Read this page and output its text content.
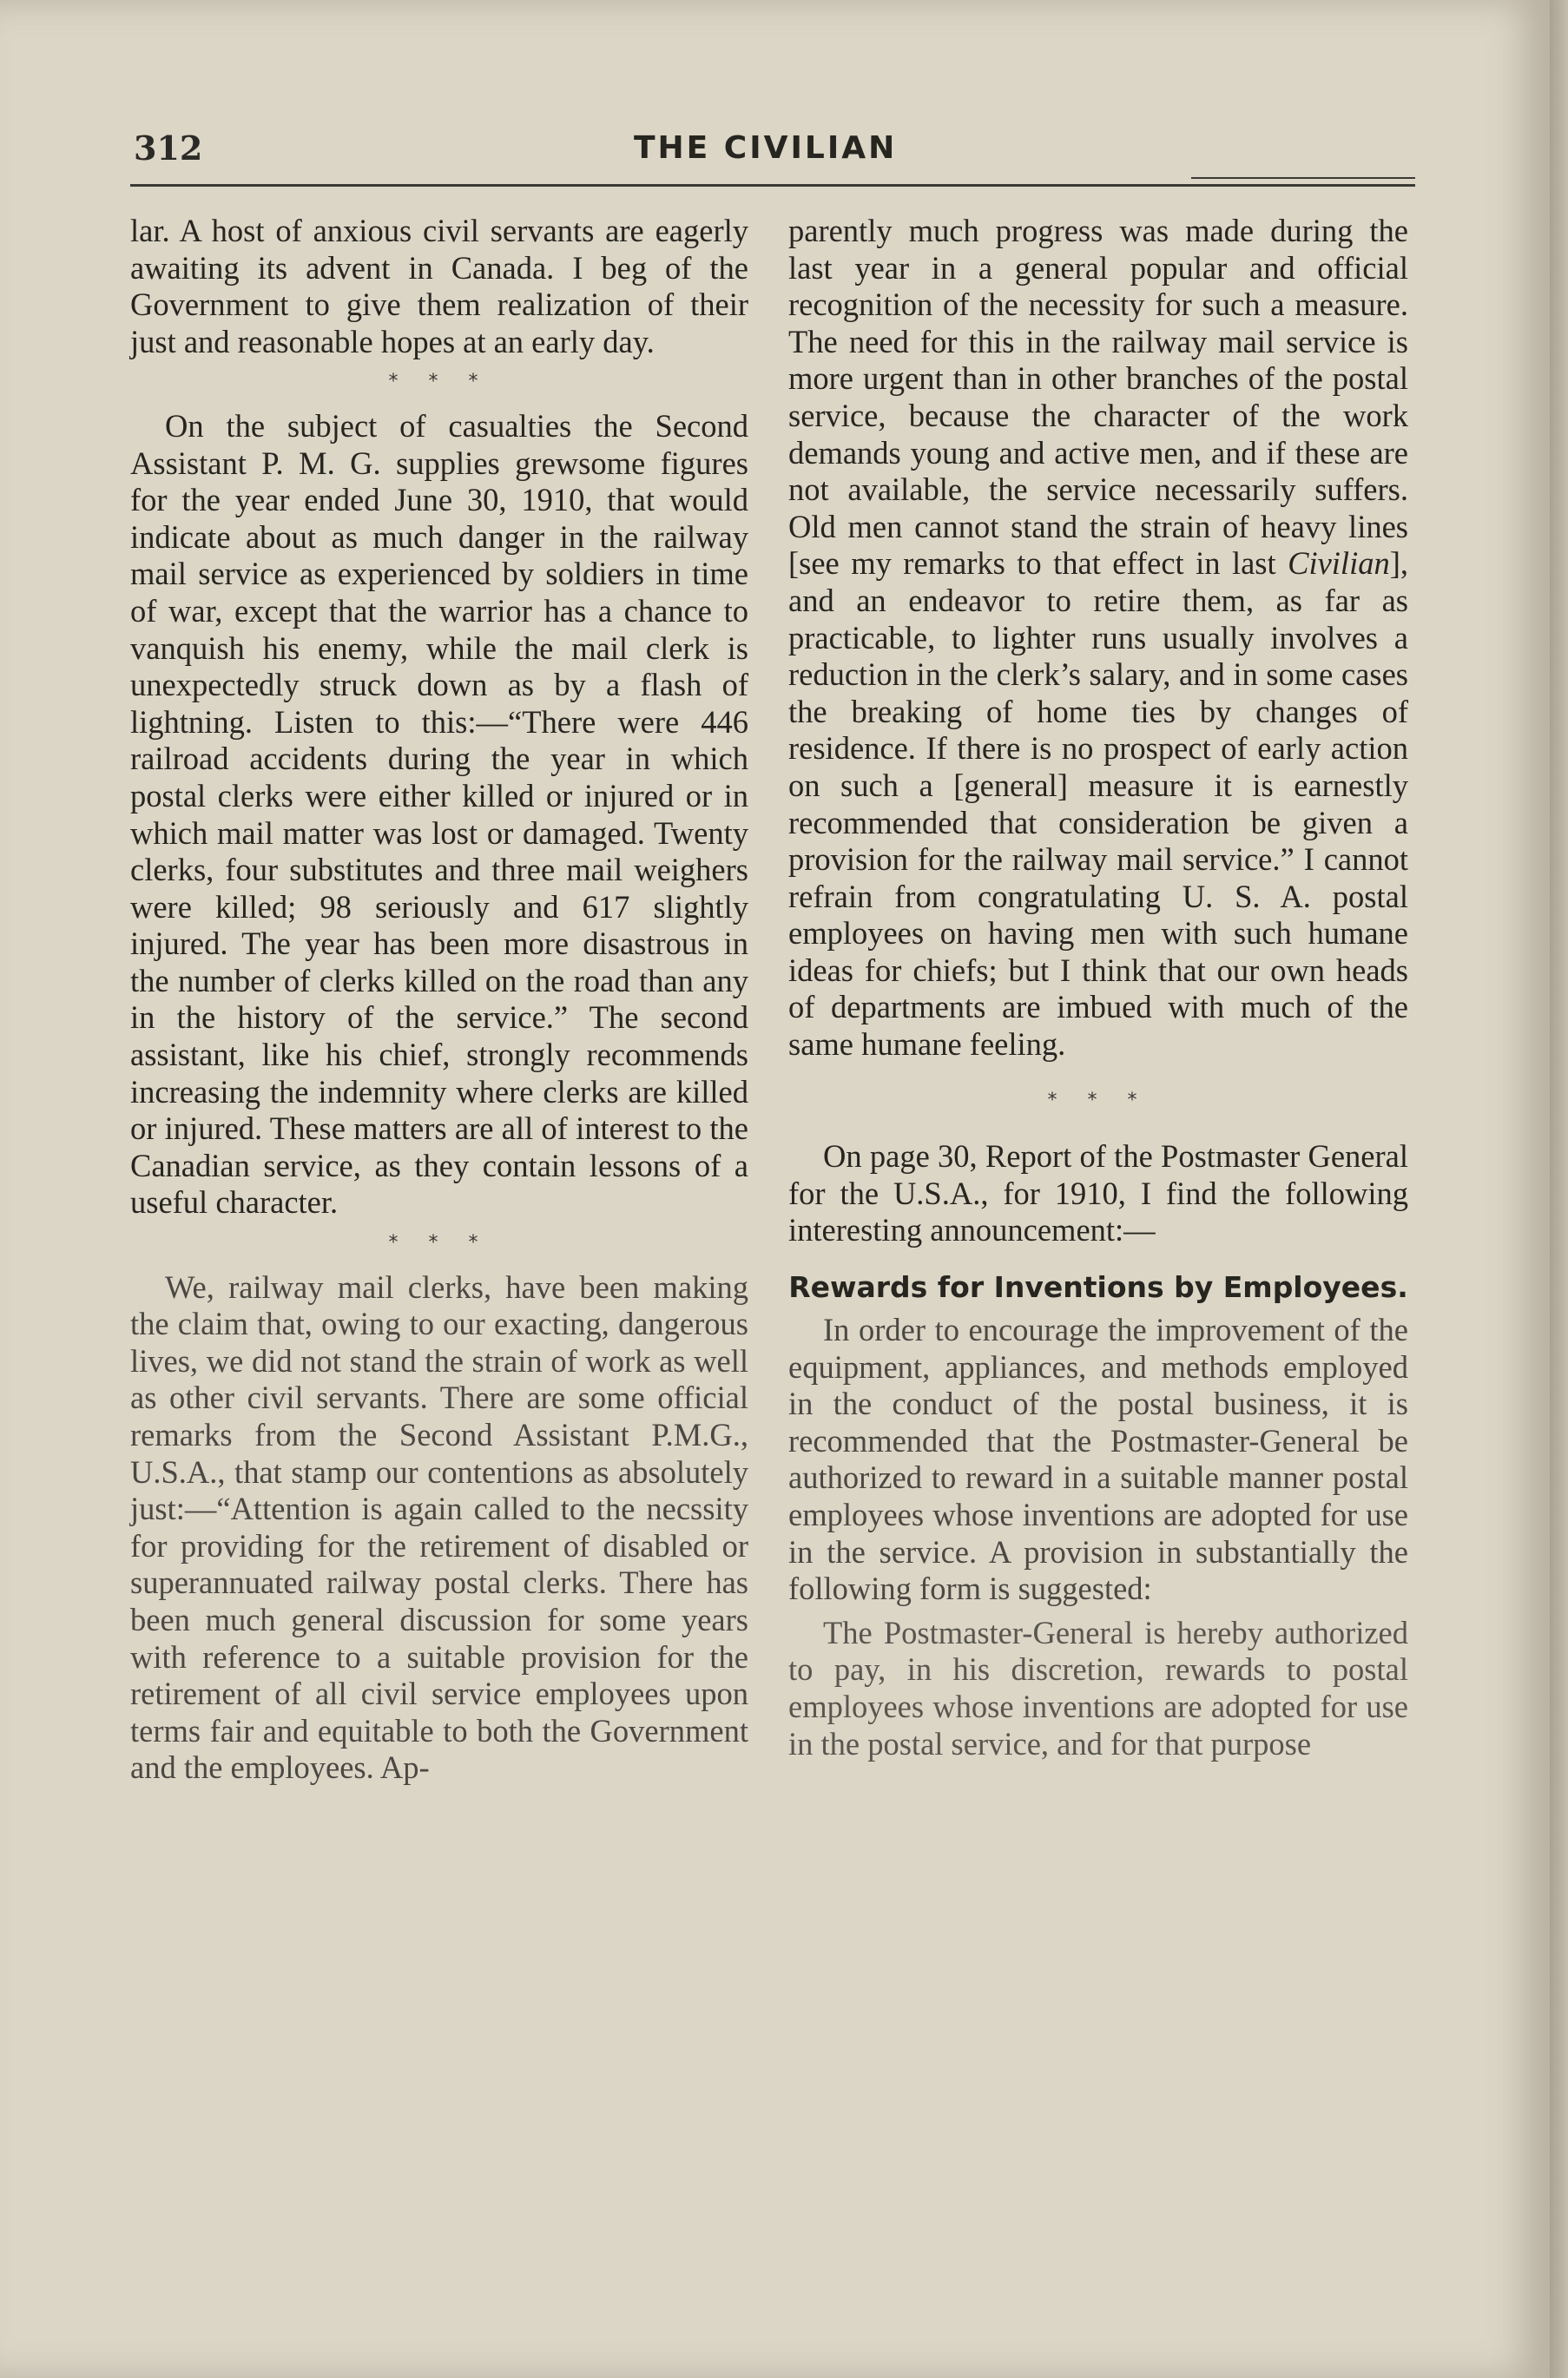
312	THE CIVILIAN

lar. A host of anxious civil servants are eagerly awaiting its advent in Canada. I beg of the Government to give them realization of their just and reasonable hopes at an early day.

* * *

On the subject of casualties the Second Assistant P. M. G. supplies grewsome figures for the year ended June 30, 1910, that would indicate about as much danger in the railway mail service as experienced by soldiers in time of war, except that the warrior has a chance to vanquish his enemy, while the mail clerk is unexpectedly struck down as by a flash of lightning. Listen to this:—“There were 446 railroad accidents during the year in which postal clerks were either killed or injured or in which mail matter was lost or damaged. Twenty clerks, four substitutes and three mail weighers were killed; 98 seriously and 617 slightly injured. The year has been more disastrous in the number of clerks killed on the road than any in the history of the service.” The second assistant, like his chief, strongly recommends increasing the indemnity where clerks are killed or injured. These matters are all of interest to the Canadian service, as they contain lessons of a useful character.

* * *

We, railway mail clerks, have been making the claim that, owing to our exacting, dangerous lives, we did not stand the strain of work as well as other civil servants. There are some official remarks from the Second Assistant P.M.G., U.S.A., that stamp our contentions as absolutely just:—“Attention is again called to the necssity for providing for the retirement of disabled or superannuated railway postal clerks. There has been much general discussion for some years with reference to a suitable provision for the retirement of all civil service employees upon terms fair and equitable to both the Government and the employees. Ap-

parently much progress was made during the last year in a general popular and official recognition of the necessity for such a measure. The need for this in the railway mail service is more urgent than in other branches of the postal service, because the character of the work demands young and active men, and if these are not available, the service necessarily suffers. Old men cannot stand the strain of heavy lines [see my remarks to that effect in last Civilian], and an endeavor to retire them, as far as practicable, to lighter runs usually involves a reduction in the clerk’s salary, and in some cases the breaking of home ties by changes of residence. If there is no prospect of early action on such a [general] measure it is earnestly recommended that consideration be given a provision for the railway mail service.” I cannot refrain from congratulating U. S. A. postal employees on having men with such humane ideas for chiefs; but I think that our own heads of departments are imbued with much of the same humane feeling.

* * *

On page 30, Report of the Postmaster General for the U.S.A., for 1910, I find the following interesting announcement:—

Rewards for Inventions by Employees.

In order to encourage the improvement of the equipment, appliances, and methods employed in the conduct of the postal business, it is recommended that the Postmaster-General be authorized to reward in a suitable manner postal employees whose inventions are adopted for use in the service. A provision in substantially the following form is suggested:

The Postmaster-General is hereby authorized to pay, in his discretion, rewards to postal employees whose inventions are adopted for use in the postal service, and for that purpose
